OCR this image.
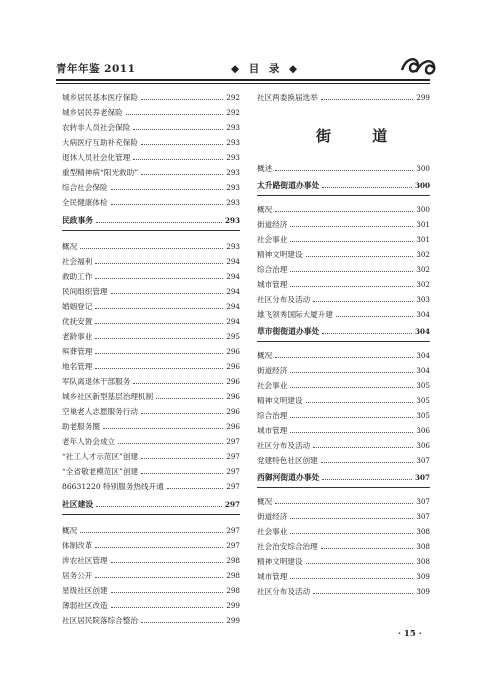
青年年鉴 2011	◆ 目 录 ◆
城乡居民基本医疗保险	292
城乡居民养老保险	292
农转非人员社会保险	293
大病医疗互助补充保险	293
退休人员社会化管理	293
重型精神病“阳光救助”	293
综合社会保险	293
全民健康体检	293
民政事务	293
概况	293
社会福利	294
救助工作	294
民间组织管理	294
婚姻登记	294
优抚安置	294
老龄事业	295
殡葬管理	296
地名管理	296
军队离退休干部服务	296
城乡社区新型基层治理机制	296
空巢老人志愿服务行动	296
助老服务圈	296
老年人协会成立	297
“社工人才示范区”创建	297
“全省敬老模范区”创建	297
86631220 特别服务热线开通	297
社区建设	297
概况	297
体制改革	297
涉农社区管理	298
居务公开	298
星级社区创建	298
薄弱社区改造	299
社区居民院落综合整治	299
社区两委换届选举	299
概述	300
太升路街道办事处	300
概况	300
街道经济	301
社会事业	301
精神文明建设	302
综合治理	302
城市管理	302
社区分布及活动	303
雄飞领秀国际大厦升建	304
草市街街道办事处	304
概况	304
街道经济	304
社会事业	305
精神文明建设	305
综合治理	305
城市管理	306
社区分布及活动	306
党建特色社区创建	307
西御河街道办事处	307
概况	307
街道经济	307
社会事业	308
社会治安综合治理	308
精神文明建设	308
城市管理	309
社区分布及活动	309
街 道
· 15 ·
